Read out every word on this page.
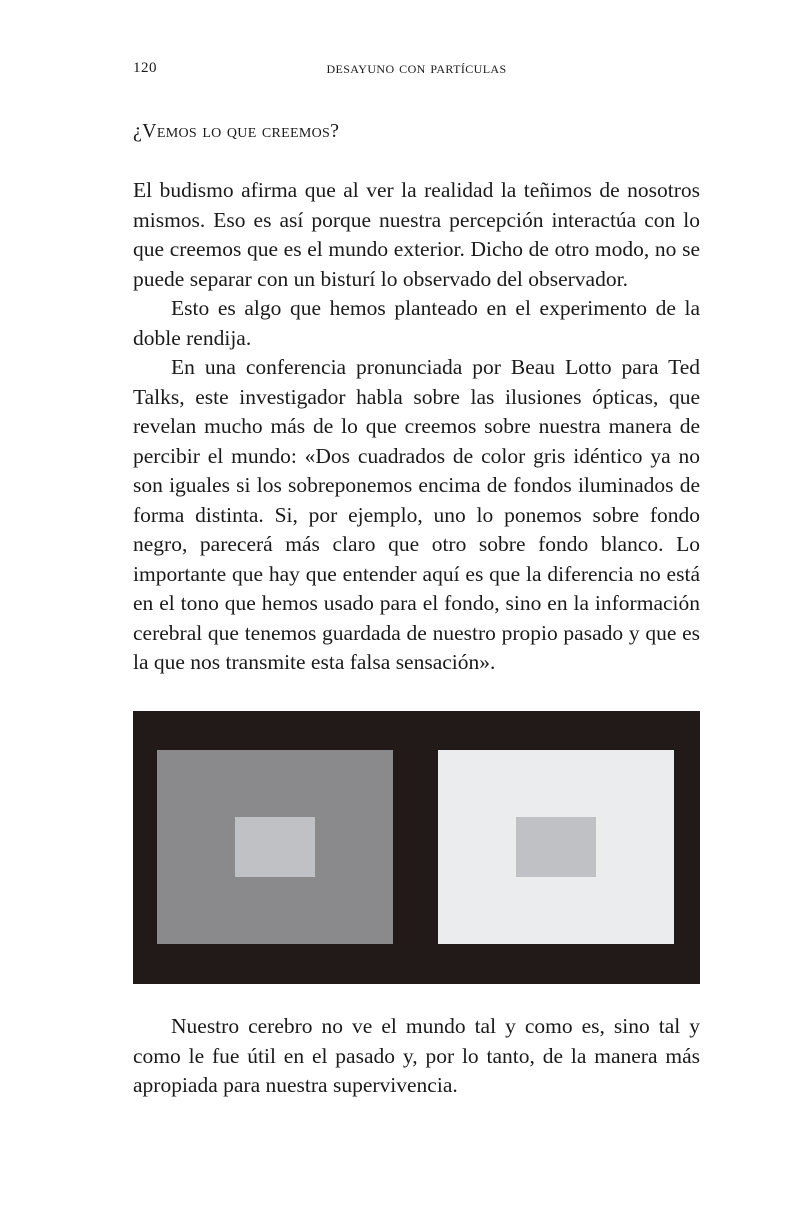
120	desayuno con partículas
¿Vemos lo que creemos?

El budismo afirma que al ver la realidad la teñimos de nosotros mismos. Eso es así porque nuestra percepción interactúa con lo que creemos que es el mundo exterior. Dicho de otro modo, no se puede separar con un bisturí lo observado del observador.

Esto es algo que hemos planteado en el experimento de la doble rendija.

En una conferencia pronunciada por Beau Lotto para Ted Talks, este investigador habla sobre las ilusiones ópticas, que revelan mucho más de lo que creemos sobre nuestra manera de percibir el mundo: «Dos cuadrados de color gris idéntico ya no son iguales si los sobreponemos encima de fondos iluminados de forma distinta. Si, por ejemplo, uno lo ponemos sobre fondo negro, parecerá más claro que otro sobre fondo blanco. Lo importante que hay que entender aquí es que la diferencia no está en el tono que hemos usado para el fondo, sino en la información cerebral que tenemos guardada de nuestro propio pasado y que es la que nos transmite esta falsa sensación».

Nuestro cerebro no ve el mundo tal y como es, sino tal y como le fue útil en el pasado y, por lo tanto, de la manera más apropiada para nuestra supervivencia.
